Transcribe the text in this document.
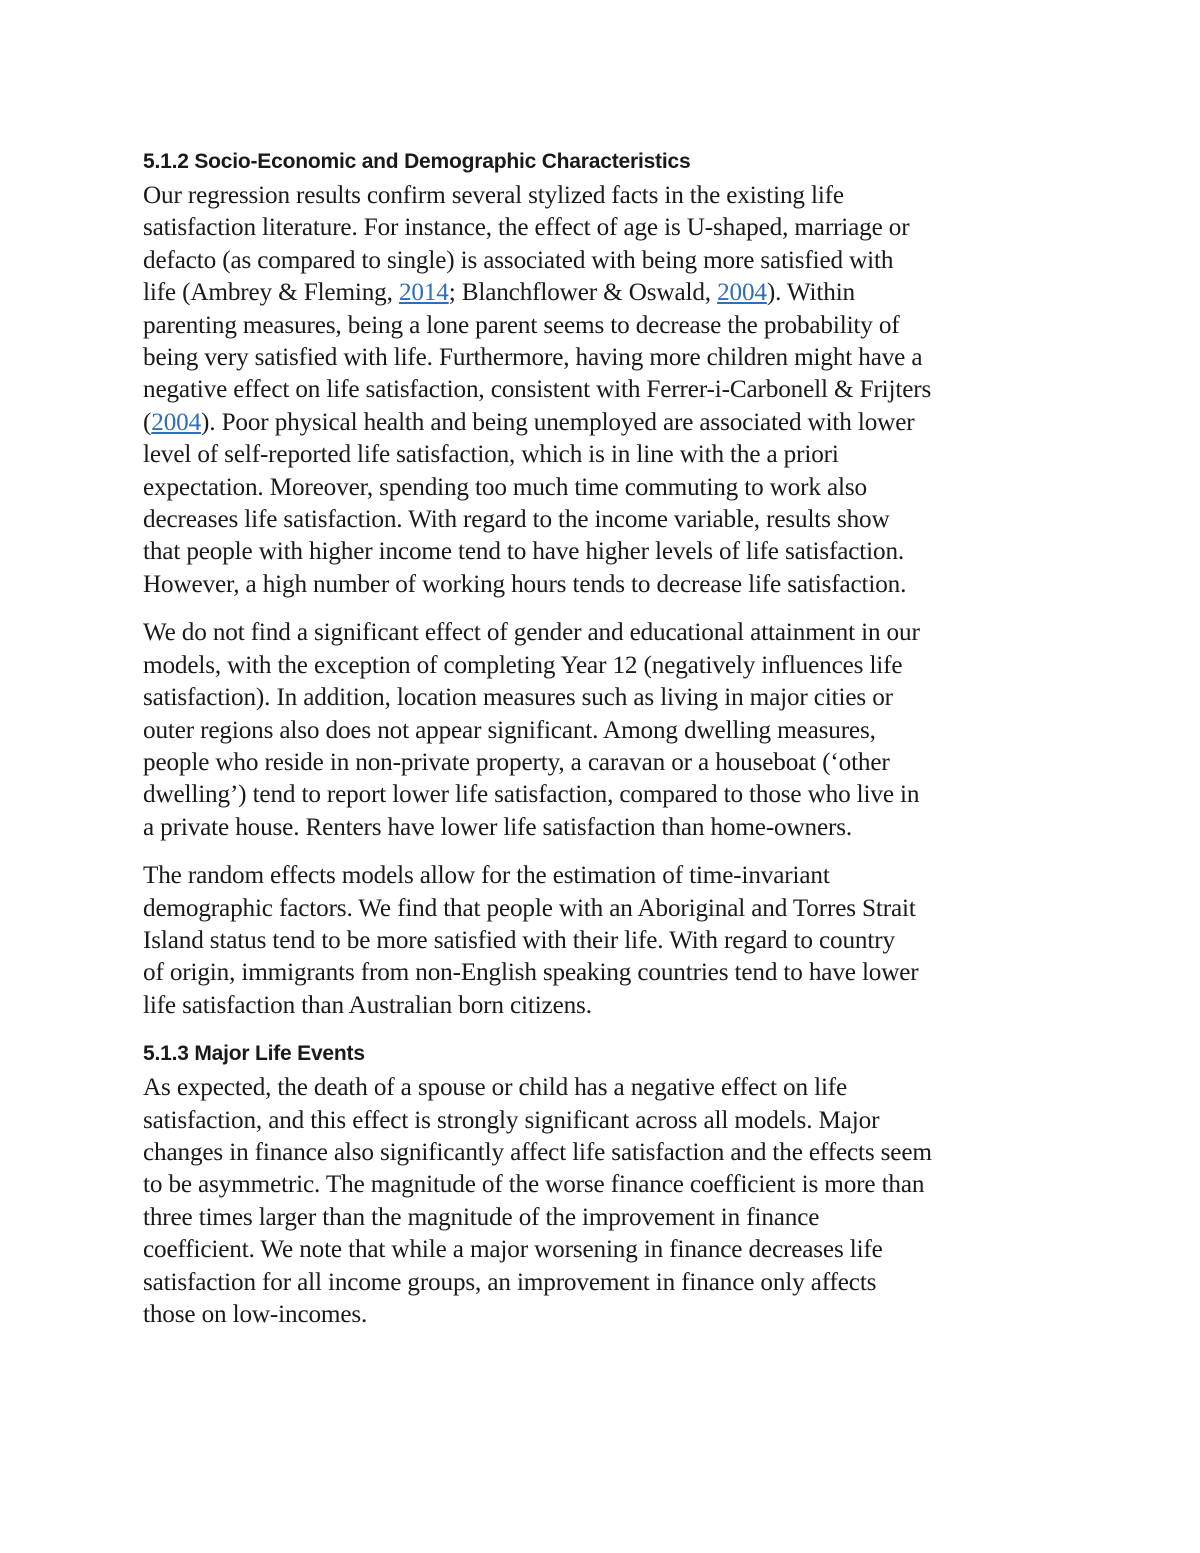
5.1.2 Socio-Economic and Demographic Characteristics

Our regression results confirm several stylized facts in the existing life
satisfaction literature. For instance, the effect of age is U-shaped, marriage or
defacto (as compared to single) is associated with being more satisfied with
life (Ambrey & Fleming, 2014; Blanchflower & Oswald, 2004). Within
parenting measures, being a lone parent seems to decrease the probability of
being very satisfied with life. Furthermore, having more children might have a
negative effect on life satisfaction, consistent with Ferrer-i-Carbonell & Frijters
(2004). Poor physical health and being unemployed are associated with lower
level of self-reported life satisfaction, which is in line with the a priori
expectation. Moreover, spending too much time commuting to work also
decreases life satisfaction. With regard to the income variable, results show
that people with higher income tend to have higher levels of life satisfaction.
However, a high number of working hours tends to decrease life satisfaction.

We do not find a significant effect of gender and educational attainment in our
models, with the exception of completing Year 12 (negatively influences life
satisfaction). In addition, location measures such as living in major cities or
outer regions also does not appear significant. Among dwelling measures,
people who reside in non-private property, a caravan or a houseboat (‘other
dwelling’) tend to report lower life satisfaction, compared to those who live in
a private house. Renters have lower life satisfaction than home-owners.

The random effects models allow for the estimation of time-invariant
demographic factors. We find that people with an Aboriginal and Torres Strait
Island status tend to be more satisfied with their life. With regard to country
of origin, immigrants from non-English speaking countries tend to have lower
life satisfaction than Australian born citizens.

5.1.3 Major Life Events

As expected, the death of a spouse or child has a negative effect on life
satisfaction, and this effect is strongly significant across all models. Major
changes in finance also significantly affect life satisfaction and the effects seem
to be asymmetric. The magnitude of the worse finance coefficient is more than
three times larger than the magnitude of the improvement in finance
coefficient. We note that while a major worsening in finance decreases life
satisfaction for all income groups, an improvement in finance only affects
those on low-incomes.
